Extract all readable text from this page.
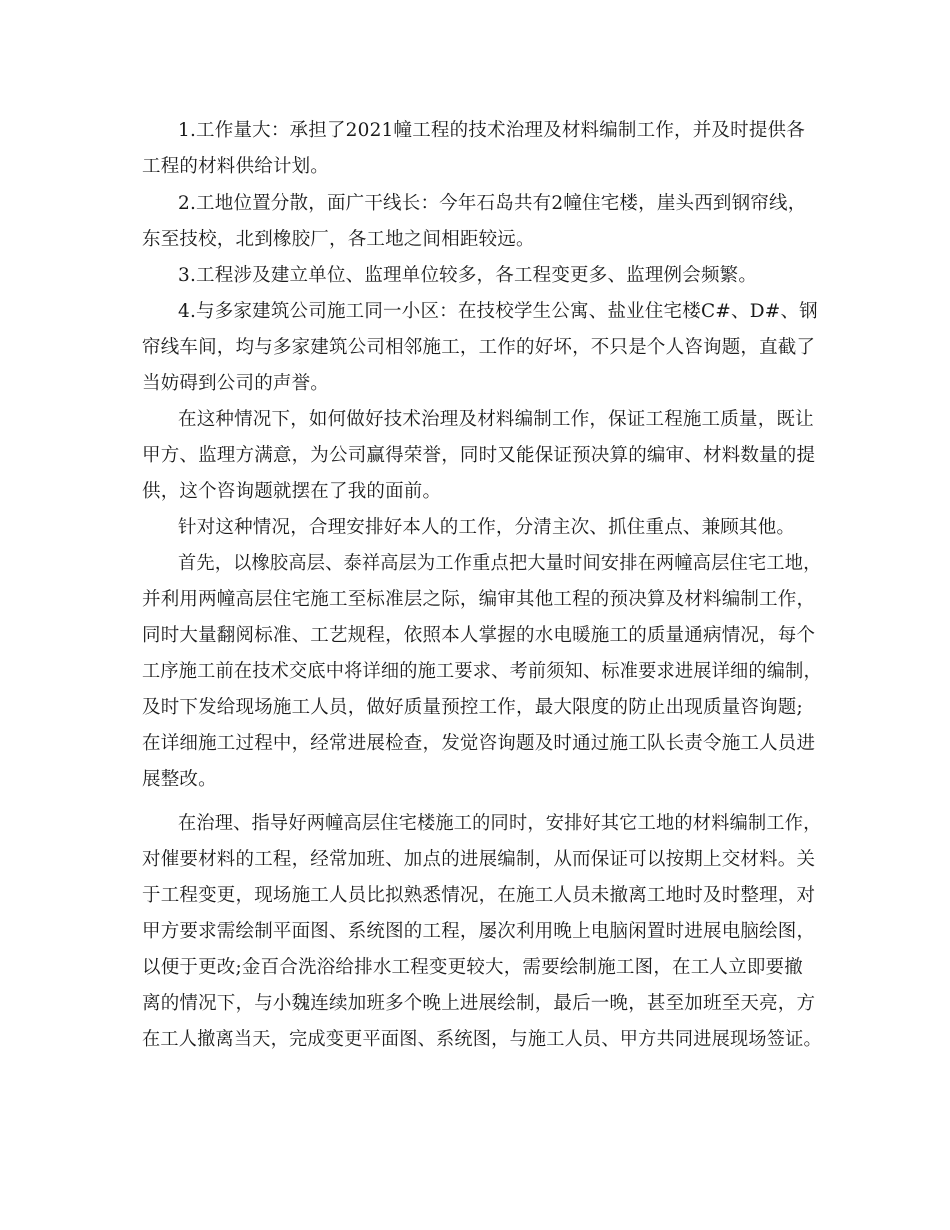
1.工作量大：承担了2021幢工程的技术治理及材料编制工作，并及时提供各
工程的材料供给计划。
2.工地位置分散，面广干线长：今年石岛共有2幢住宅楼，崖头西到钢帘线，
东至技校，北到橡胶厂，各工地之间相距较远。
3.工程涉及建立单位、监理单位较多，各工程变更多、监理例会频繁。
4.与多家建筑公司施工同一小区：在技校学生公寓、盐业住宅楼C#、D#、钢
帘线车间，均与多家建筑公司相邻施工，工作的好坏，不只是个人咨询题，直截了
当妨碍到公司的声誉。
在这种情况下，如何做好技术治理及材料编制工作，保证工程施工质量，既让
甲方、监理方满意，为公司赢得荣誉，同时又能保证预决算的编审、材料数量的提
供，这个咨询题就摆在了我的面前。
针对这种情况，合理安排好本人的工作，分清主次、抓住重点、兼顾其他。
首先，以橡胶高层、泰祥高层为工作重点把大量时间安排在两幢高层住宅工地，
并利用两幢高层住宅施工至标准层之际，编审其他工程的预决算及材料编制工作，
同时大量翻阅标准、工艺规程，依照本人掌握的水电暖施工的质量通病情况，每个
工序施工前在技术交底中将详细的施工要求、考前须知、标准要求进展详细的编制，
及时下发给现场施工人员，做好质量预控工作，最大限度的防止出现质量咨询题;
在详细施工过程中，经常进展检查，发觉咨询题及时通过施工队长责令施工人员进
展整改。
在治理、指导好两幢高层住宅楼施工的同时，安排好其它工地的材料编制工作，
对催要材料的工程，经常加班、加点的进展编制，从而保证可以按期上交材料。关
于工程变更，现场施工人员比拟熟悉情况，在施工人员未撤离工地时及时整理，对
甲方要求需绘制平面图、系统图的工程，屡次利用晚上电脑闲置时进展电脑绘图，
以便于更改;金百合洗浴给排水工程变更较大，需要绘制施工图，在工人立即要撤
离的情况下，与小魏连续加班多个晚上进展绘制，最后一晚，甚至加班至天亮，方
在工人撤离当天，完成变更平面图、系统图，与施工人员、甲方共同进展现场签证。
